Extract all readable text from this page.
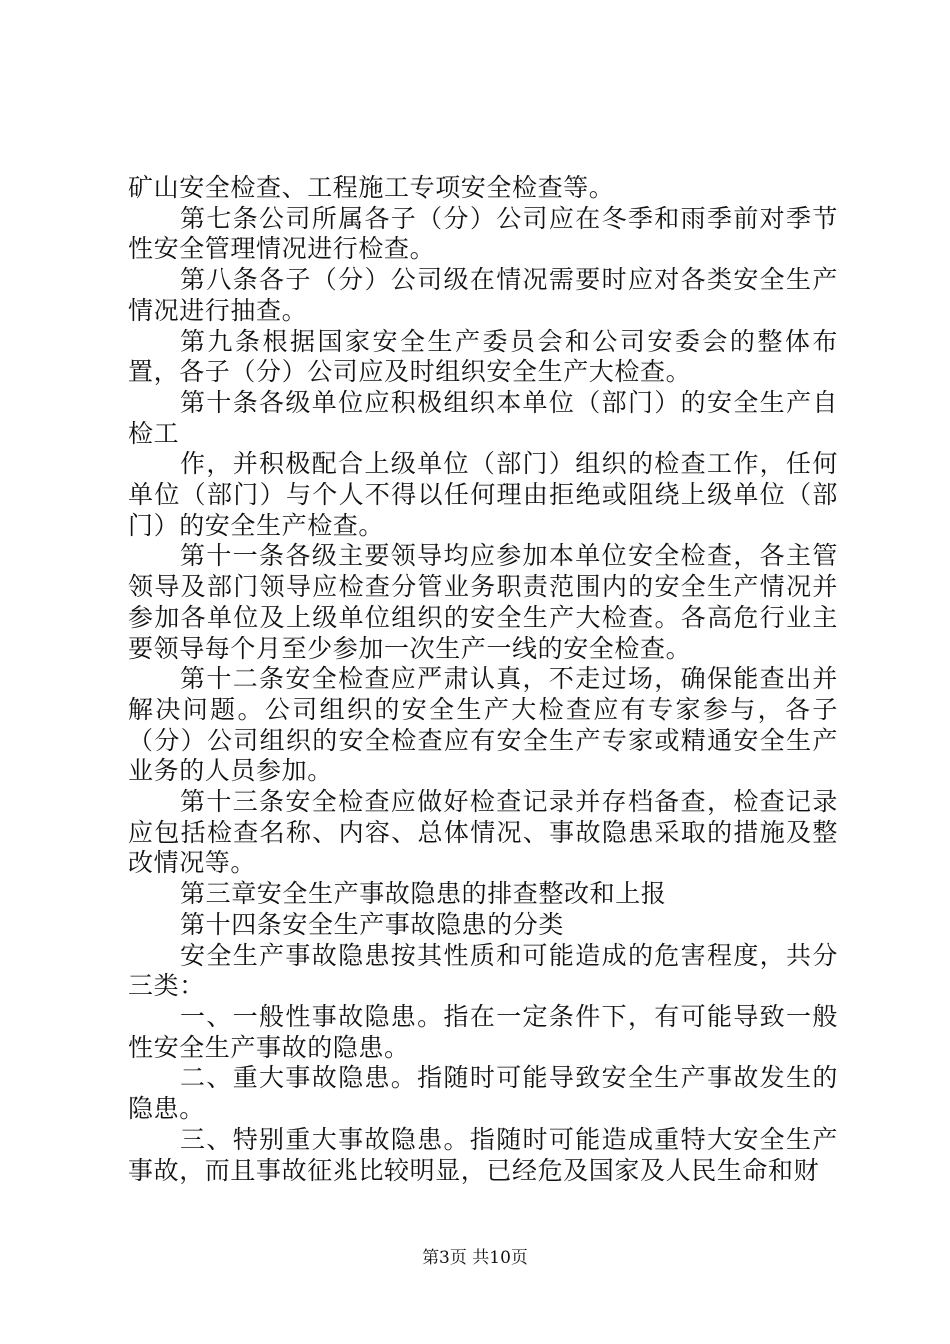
矿山安全检查、工程施工专项安全检查等。

第七条公司所属各子（分）公司应在冬季和雨季前对季节性安全管理情况进行检查。

第八条各子（分）公司级在情况需要时应对各类安全生产情况进行抽查。

第九条根据国家安全生产委员会和公司安委会的整体布置，各子（分）公司应及时组织安全生产大检查。

第十条各级单位应积极组织本单位（部门）的安全生产自检工

作，并积极配合上级单位（部门）组织的检查工作，任何单位（部门）与个人不得以任何理由拒绝或阻绕上级单位（部门）的安全生产检查。

第十一条各级主要领导均应参加本单位安全检查，各主管领导及部门领导应检查分管业务职责范围内的安全生产情况并参加各单位及上级单位组织的安全生产大检查。各高危行业主要领导每个月至少参加一次生产一线的安全检查。

第十二条安全检查应严肃认真，不走过场，确保能查出并解决问题。公司组织的安全生产大检查应有专家参与，各子（分）公司组织的安全检查应有安全生产专家或精通安全生产业务的人员参加。

第十三条安全检查应做好检查记录并存档备查，检查记录应包括检查名称、内容、总体情况、事故隐患采取的措施及整改情况等。

第三章安全生产事故隐患的排查整改和上报

第十四条安全生产事故隐患的分类

安全生产事故隐患按其性质和可能造成的危害程度，共分三类：

一、一般性事故隐患。指在一定条件下，有可能导致一般性安全生产事故的隐患。

二、重大事故隐患。指随时可能导致安全生产事故发生的隐患。

三、特别重大事故隐患。指随时可能造成重特大安全生产事故，而且事故征兆比较明显，已经危及国家及人民生命和财

第3页 共10页
